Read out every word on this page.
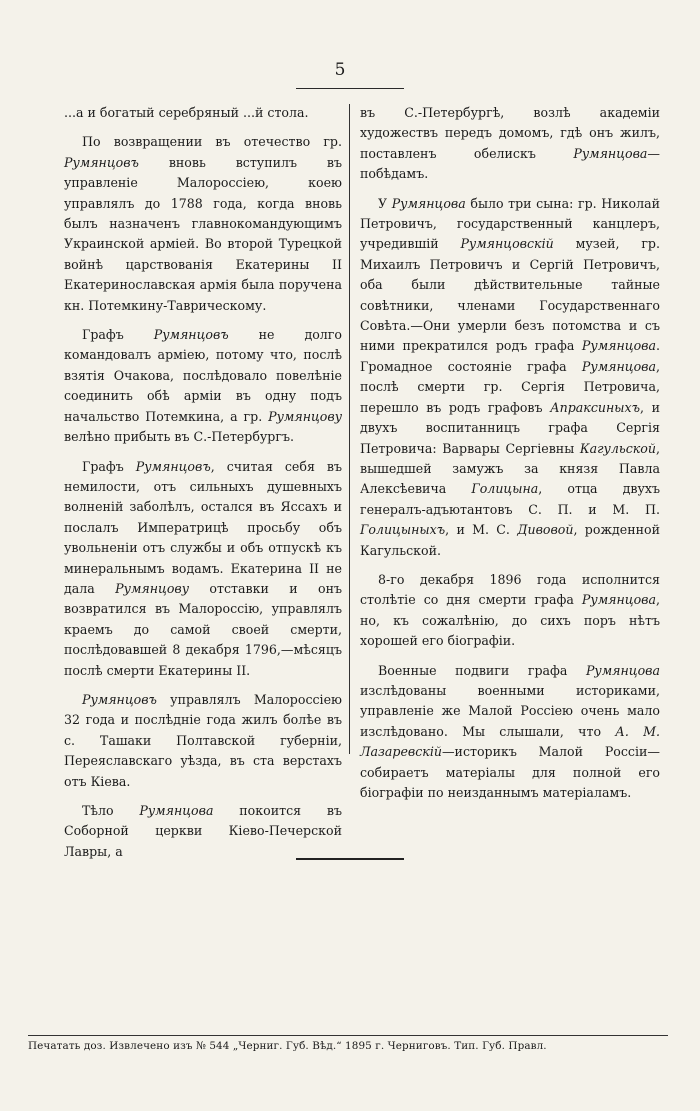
5

...а и богатый серебряный ...й стола.

По возвращении въ отечество гр. Румянцовъ вновь вступилъ въ управленіе Малороссіею, коею управлялъ до 1788 года, когда вновь былъ назначенъ главнокомандующимъ Украинской арміей. Во второй Турецкой войнѣ царствованія Екатерины II Екатеринославская армія была поручена кн. Потемкину-Таврическому.

Графъ Румянцовъ не долго командовалъ арміею, потому что, послѣ взятія Очакова, послѣдовало повелѣніе соединить обѣ арміи въ одну подъ начальство Потемкина, а гр. Румянцову велѣно прибыть въ С.-Петербургъ.

Графъ Румянцовъ, считая себя въ немилости, отъ сильныхъ душевныхъ волненій заболѣлъ, остался въ Яссахъ и послалъ Императрицѣ просьбу объ увольненіи отъ службы и объ отпускѣ къ минеральнымъ водамъ. Екатерина II не дала Румянцову отставки и онъ возвратился въ Малороссію, управлялъ краемъ до самой своей смерти, послѣдовавшей 8 декабря 1796,—мѣсяцъ послѣ смерти Екатерины II.

Румянцовъ управлялъ Малороссіею 32 года и послѣдніе года жилъ болѣе въ с. Ташаки Полтавской губерніи, Переяславскаго уѣзда, въ ста верстахъ отъ Кіева.

Тѣло Румянцова покоится въ Соборной церкви Кіево-Печерской Лавры, а

въ С.-Петербургѣ, возлѣ академіи художествъ передъ домомъ, гдѣ онъ жилъ, поставленъ обелискъ Румянцова—побѣдамъ.

У Румянцова было три сына: гр. Николай Петровичъ, государственный канцлеръ, учредившій Румянцовскій музей, гр. Михаилъ Петровичъ и Сергій Петровичъ, оба были дѣйствительные тайные совѣтники, членами Государственнаго Совѣта.—Они умерли безъ потомства и съ ними прекратился родъ графа Румянцова. Громадное состояніе графа Румянцова, послѣ смерти гр. Сергія Петровича, перешло въ родъ графовъ Апраксиныхъ, и двухъ воспитанницъ графа Сергія Петровича: Варвары Сергіевны Кагульской, вышедшей замужъ за князя Павла Алексѣевича Голицына, отца двухъ генералъ-адъютантовъ С. П. и М. П. Голицыныхъ, и М. С. Дивовой, рожденной Кагульской.

8-го декабря 1896 года исполнится столѣтіе со дня смерти графа Румянцова, но, къ сожалѣнію, до сихъ поръ нѣтъ хорошей его біографіи.

Военные подвиги графа Румянцова изслѣдованы военными историками, управленіе же Малой Россіею очень мало изслѣдовано. Мы слышали, что А. М. Лазаревскій—историкъ Малой Россіи—собираетъ матеріалы для полной его біографіи по неизданнымъ матеріаламъ.

Печатать доз. Извлечено изъ № 544 „Черниг. Губ. Вѣд.“ 1895 г. Черниговъ. Тип. Губ. Правл.
